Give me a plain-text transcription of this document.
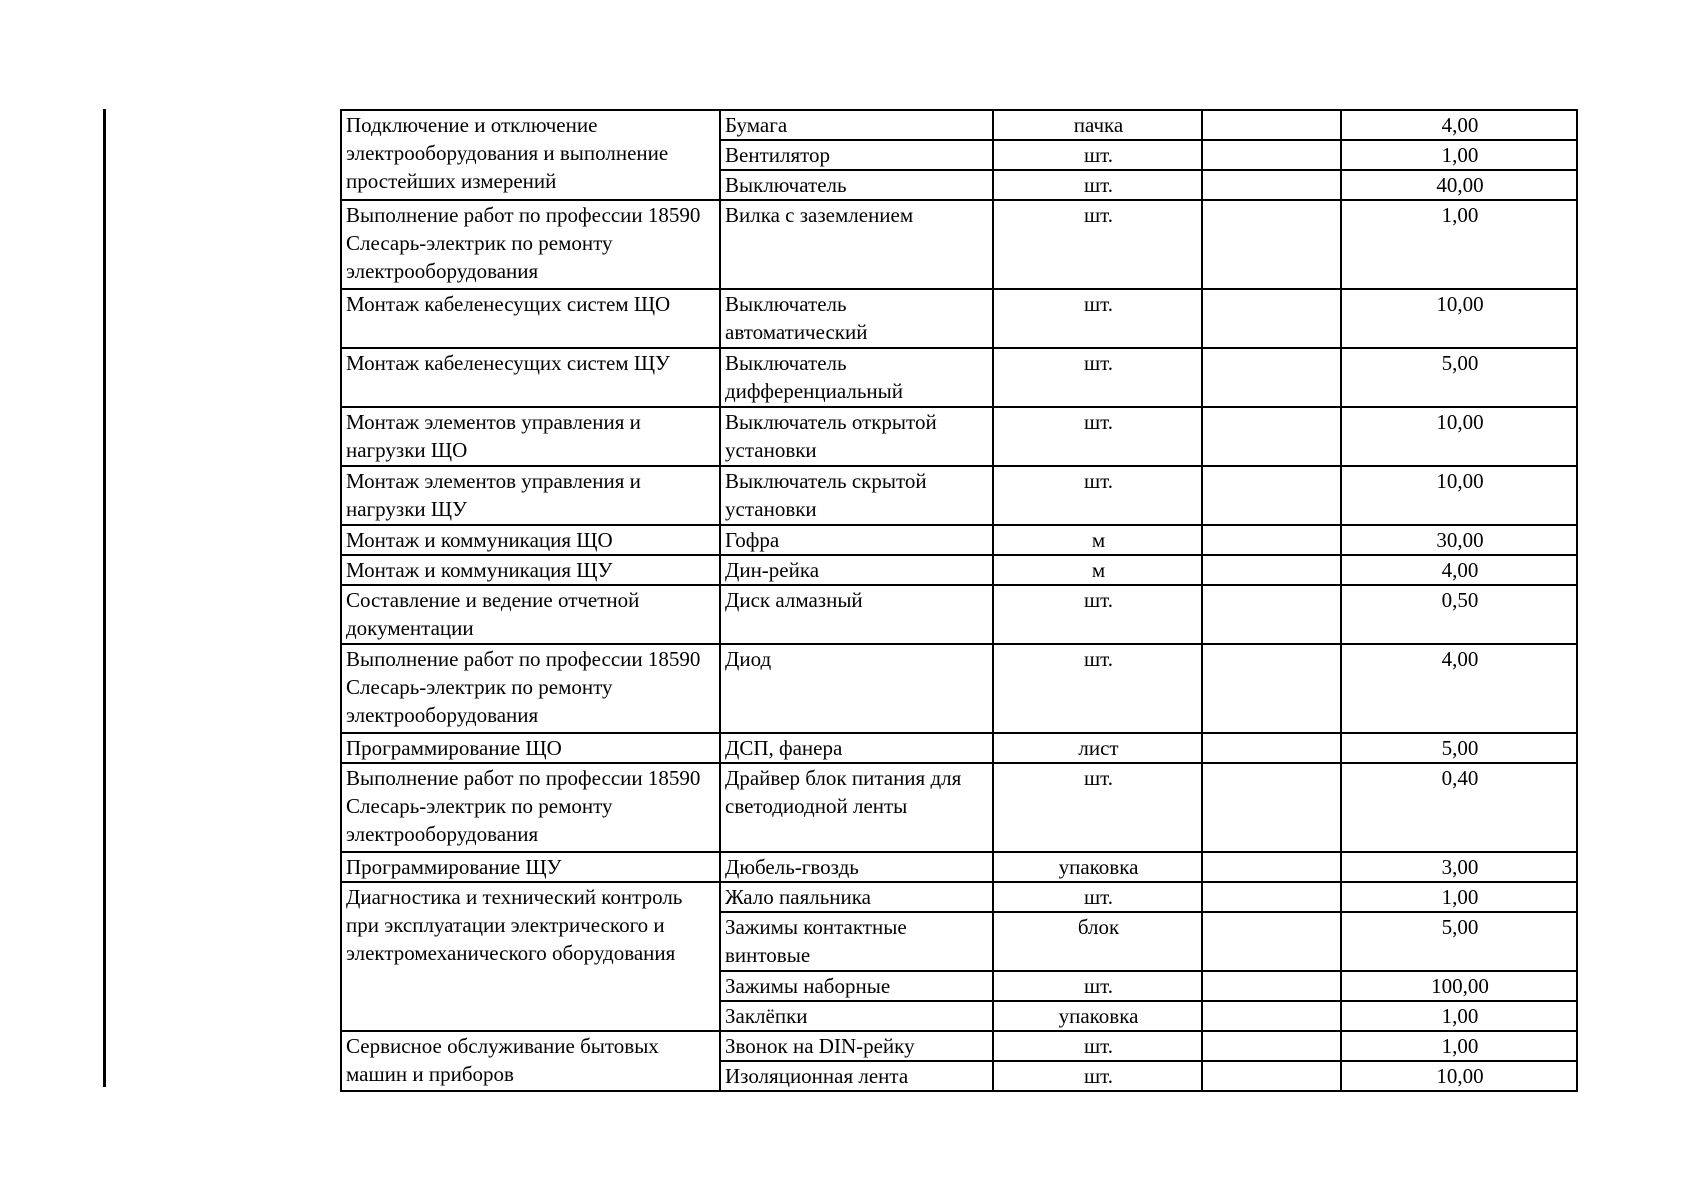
Подключение и отключение электрооборудования и выполнение простейших измерений	Бумага	пачка		4,00
	Вентилятор	шт.		1,00
	Выключатель	шт.		40,00
Выполнение работ по профессии 18590 Слесарь-электрик по ремонту электрооборудования	Вилка с заземлением	шт.		1,00
Монтаж кабеленесущих систем ЩО	Выключатель автоматический	шт.		10,00
Монтаж кабеленесущих систем ЩУ	Выключатель дифференциальный	шт.		5,00
Монтаж элементов управления и нагрузки ЩО	Выключатель открытой установки	шт.		10,00
Монтаж элементов управления и нагрузки ЩУ	Выключатель скрытой установки	шт.		10,00
Монтаж и коммуникация ЩО	Гофра	м		30,00
Монтаж и коммуникация ЩУ	Дин-рейка	м		4,00
Составление и ведение отчетной документации	Диск алмазный	шт.		0,50
Выполнение работ по профессии 18590 Слесарь-электрик по ремонту электрооборудования	Диод	шт.		4,00
Программирование ЩО	ДСП, фанера	лист		5,00
Выполнение работ по профессии 18590 Слесарь-электрик по ремонту электрооборудования	Драйвер блок питания для светодиодной ленты	шт.		0,40
Программирование ЩУ	Дюбель-гвоздь	упаковка		3,00
Диагностика и технический контроль при эксплуатации электрического и электромеханического оборудования	Жало паяльника	шт.		1,00
	Зажимы контактные винтовые	блок		5,00
	Зажимы наборные	шт.		100,00
	Заклёпки	упаковка		1,00
Сервисное обслуживание бытовых машин и приборов	Звонок на DIN-рейку	шт.		1,00
	Изоляционная лента	шт.		10,00
